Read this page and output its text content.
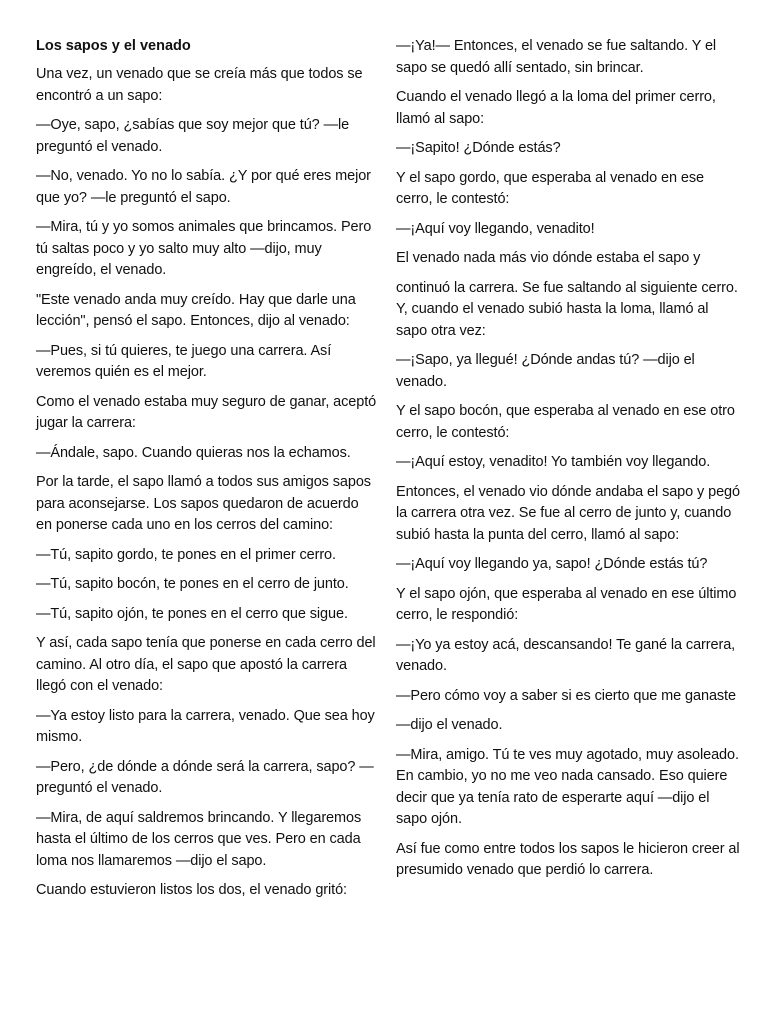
Los sapos y el venado

Una vez, un venado que se creía más que todos se encontró a un sapo:

—Oye, sapo, ¿sabías que soy mejor que tú? —le preguntó el venado.

—No, venado. Yo no lo sabía. ¿Y por qué eres mejor que yo? —le preguntó el sapo.

—Mira, tú y yo somos animales que brincamos. Pero tú saltas poco y yo salto muy alto —dijo, muy engreído, el venado.

"Este venado anda muy creído. Hay que darle una lección", pensó el sapo. Entonces, dijo al venado:

—Pues, si tú quieres, te juego una carrera. Así veremos quién es el mejor.

Como el venado estaba muy seguro de ganar, aceptó jugar la carrera:

—Ándale, sapo. Cuando quieras nos la echamos.

Por la tarde, el sapo llamó a todos sus amigos sapos para aconsejarse. Los sapos quedaron de acuerdo en ponerse cada uno en los cerros del camino:

—Tú, sapito gordo, te pones en el primer cerro.

—Tú, sapito bocón, te pones en el cerro de junto.

—Tú, sapito ojón, te pones en el cerro que sigue.

Y así, cada sapo tenía que ponerse en cada cerro del camino. Al otro día, el sapo que apostó la carrera llegó con el venado:

—Ya estoy listo para la carrera, venado. Que sea hoy mismo.

—Pero, ¿de dónde a dónde será la carrera, sapo? —preguntó el venado.

—Mira, de aquí saldremos brincando. Y llegaremos hasta el último de los cerros que ves. Pero en cada loma nos llamaremos —dijo el sapo.

Cuando estuvieron listos los dos, el venado gritó:

—¡Ya!— Entonces, el venado se fue saltando. Y el sapo se quedó allí sentado, sin brincar.

Cuando el venado llegó a la loma del primer cerro, llamó al sapo:

—¡Sapito! ¿Dónde estás?

Y el sapo gordo, que esperaba al venado en ese cerro, le contestó:

—¡Aquí voy llegando, venadito!

El venado nada más vio dónde estaba el sapo y

continuó la carrera. Se fue saltando al siguiente cerro. Y, cuando el venado subió hasta la loma, llamó al sapo otra vez:

—¡Sapo, ya llegué! ¿Dónde andas tú? —dijo el venado.

Y el sapo bocón, que esperaba al venado en ese otro cerro, le contestó:

—¡Aquí estoy, venadito! Yo también voy llegando.

Entonces, el venado vio dónde andaba el sapo y pegó la carrera otra vez. Se fue al cerro de junto y, cuando subió hasta la punta del cerro, llamó al sapo:

—¡Aquí voy llegando ya, sapo! ¿Dónde estás tú?

Y el sapo ojón, que esperaba al venado en ese último cerro, le respondió:

—¡Yo ya estoy acá, descansando! Te gané la carrera, venado.

—Pero cómo voy a saber si es cierto que me ganaste

—dijo el venado.

—Mira, amigo. Tú te ves muy agotado, muy asoleado. En cambio, yo no me veo nada cansado. Eso quiere decir que ya tenía rato de esperarte aquí —dijo el sapo ojón.

Así fue como entre todos los sapos le hicieron creer al presumido venado que perdió lo carrera.
